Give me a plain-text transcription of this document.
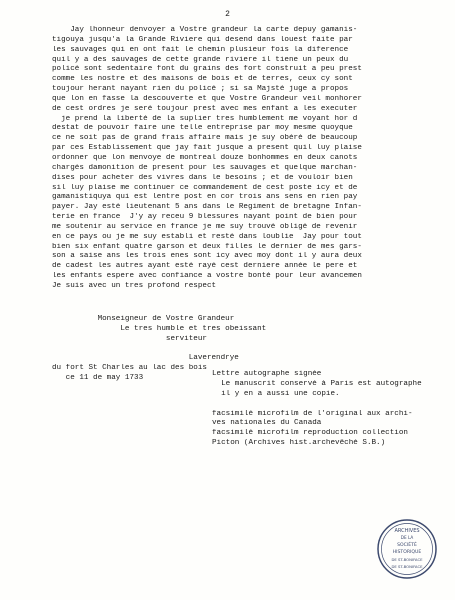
2
Jay lhonneur denvoyer a Vostre grandeur la carte depuy gamanis-
tigouya jusqu'a la Grande Riviere qui desend dans louest faite par
les sauvages qui en ont fait le chemin plusieur fois la diference
quil y a des sauvages de cette grande riviere il tiene un peux du
policé sont sedentaire font du grains des fort construit a peu prest
comme les nostre et des maisons de bois et de terres, ceux cy sont
toujour herant nayant rien du policé ; si sa Majsté juge a propos
que lon en fasse la descouverte et que Vostre Grandeur veil monhorer
de cest ordres je seré toujour prest avec mes enfant a les executer
je prend la liberté de la suplier tres humblement me voyant hor d
destat de pouvoir faire une telle entreprise par moy mesme quoyque
ce ne soit pas de grand frais affaire mais je suy obéré de beaucoup
par ces Establissement que jay fait jusque a present quil luy plaise
ordonner que lon menvoye de montreal douze bonhommes en deux canots
chargés damonition de present pour les sauvages et quelque marchan-
dises pour acheter des vivres dans le besoins ; et de vouloir bien
sil luy plaise me continuer ce commandement de cest poste icy et de
gamanistiquya qui est lentre post en cor trois ans sens en rien pay
payer. Jay esté lieutenant 5 ans dans le Regiment de bretagne Infan-
terie en france  J'y ay receu 9 blessures nayant point de bien pour
me soutenir au service en france je me suy trouvé obligé de revenir
en ce pays ou je me suy establi et resté dans loublie  Jay pour tout
bien six enfant quatre garson et deux filles le dernier de mes gars-
son a saise ans les trois enes sont icy avec moy dont il y aura deux
de cadest les autres ayant esté rayé cest derniere année le pere et
les enfants espere avec confiance a vostre bonté pour leur avancemen
Je suis avec un tres profond respect
Monseigneur de Vostre Grandeur
Le tres humble et tres obeissant
serviteur
Laverendrye
du fort St Charles au lac des bois
ce 11 de may 1733
Lettre autographe signée
Le manuscrit conservé à Paris est autographe
il y en a aussi une copie.
facsimilé microfilm de l'original aux archi-
ves nationales du Canada
facsimilé microfilm reproduction collection
Picton (Archives hist.archevêché S.B.)
ARCHIVES
DE LA
SOCIÉTÉ
HISTORIQUE
DE ST-BONIFACE
DE ST-BONIFACE
